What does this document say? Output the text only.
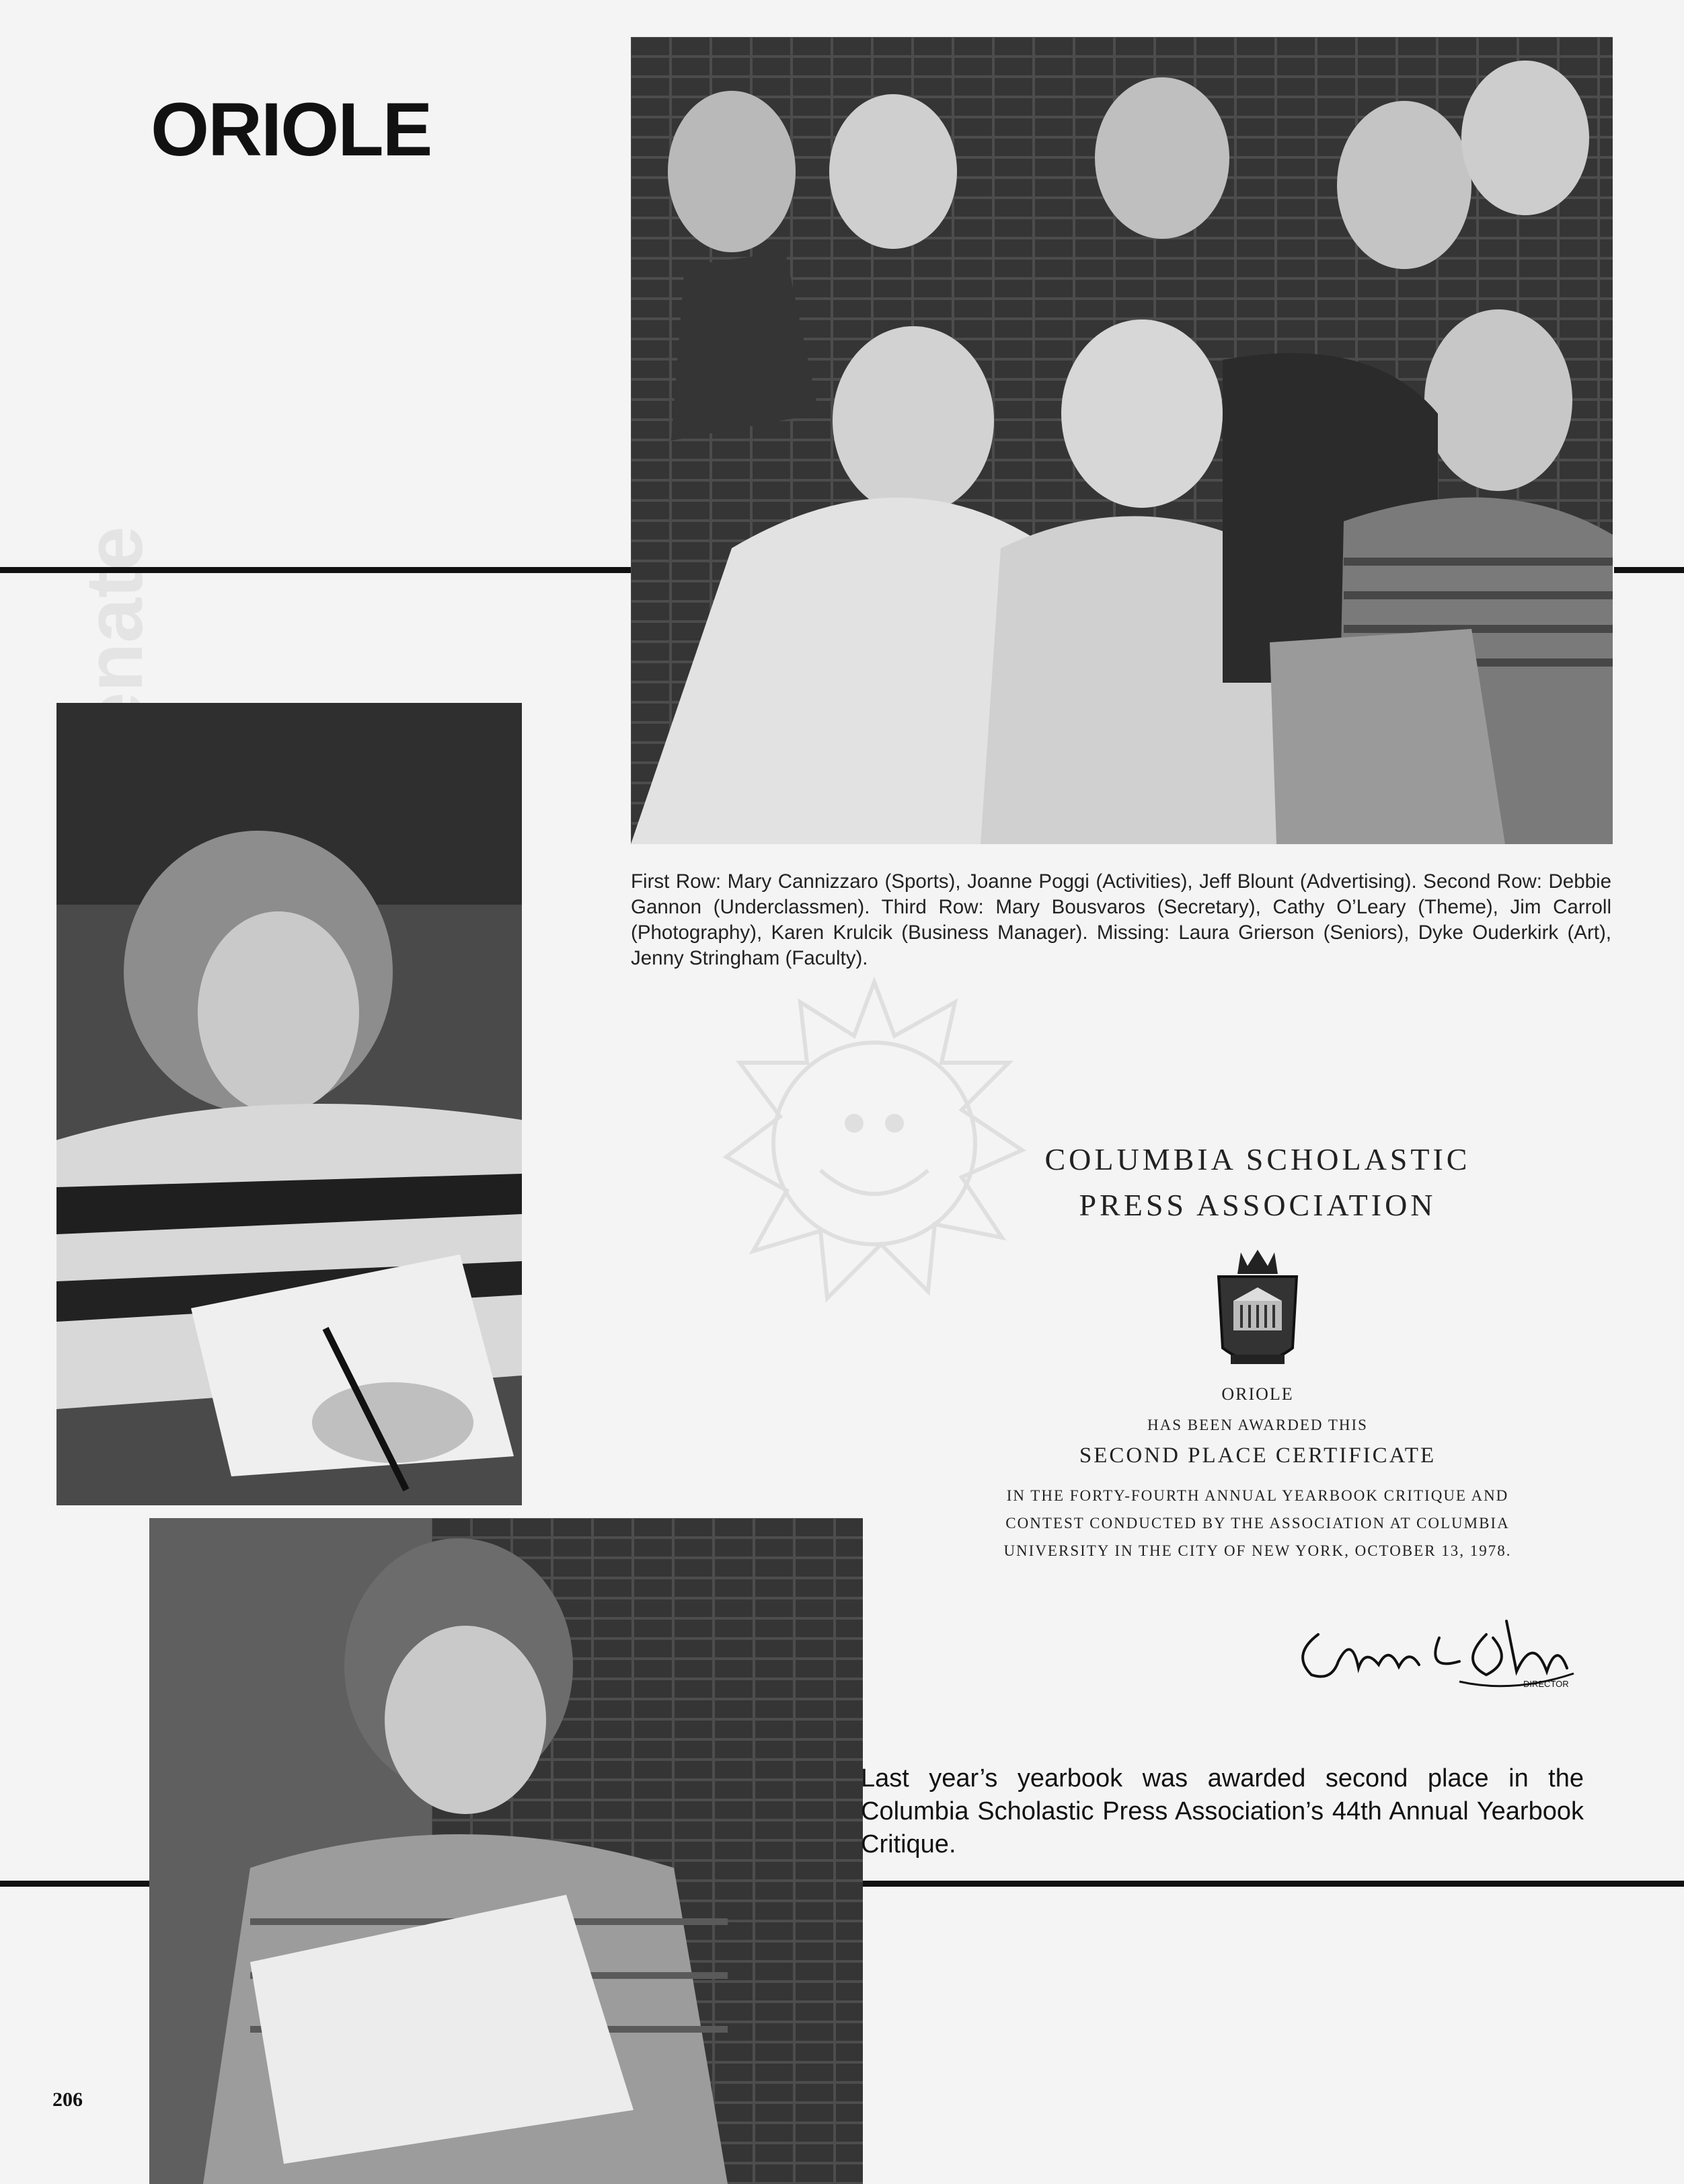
ORIOLE
First Row: Mary Cannizzaro (Sports), Joanne Poggi (Activities), Jeff Blount (Advertising). Second Row: Debbie Gannon (Underclassmen). Third Row: Mary Bousvaros (Secretary), Cathy O’Leary (Theme), Jim Carroll (Photography), Karen Krulcik (Business Manager). Missing: Laura Grierson (Seniors), Dyke Ouderkirk (Art), Jenny Stringham (Faculty).
COLUMBIA SCHOLASTIC
PRESS ASSOCIATION
ORIOLE
HAS BEEN AWARDED THIS
SECOND PLACE CERTIFICATE
IN THE FORTY-FOURTH ANNUAL YEARBOOK CRITIQUE AND
CONTEST CONDUCTED BY THE ASSOCIATION AT COLUMBIA
UNIVERSITY IN THE CITY OF NEW YORK, OCTOBER 13, 1978.
DIRECTOR
Last year’s yearbook was awarded second place in the Columbia Scholastic Press Association’s 44th Annual Yearbook Critique.
206
